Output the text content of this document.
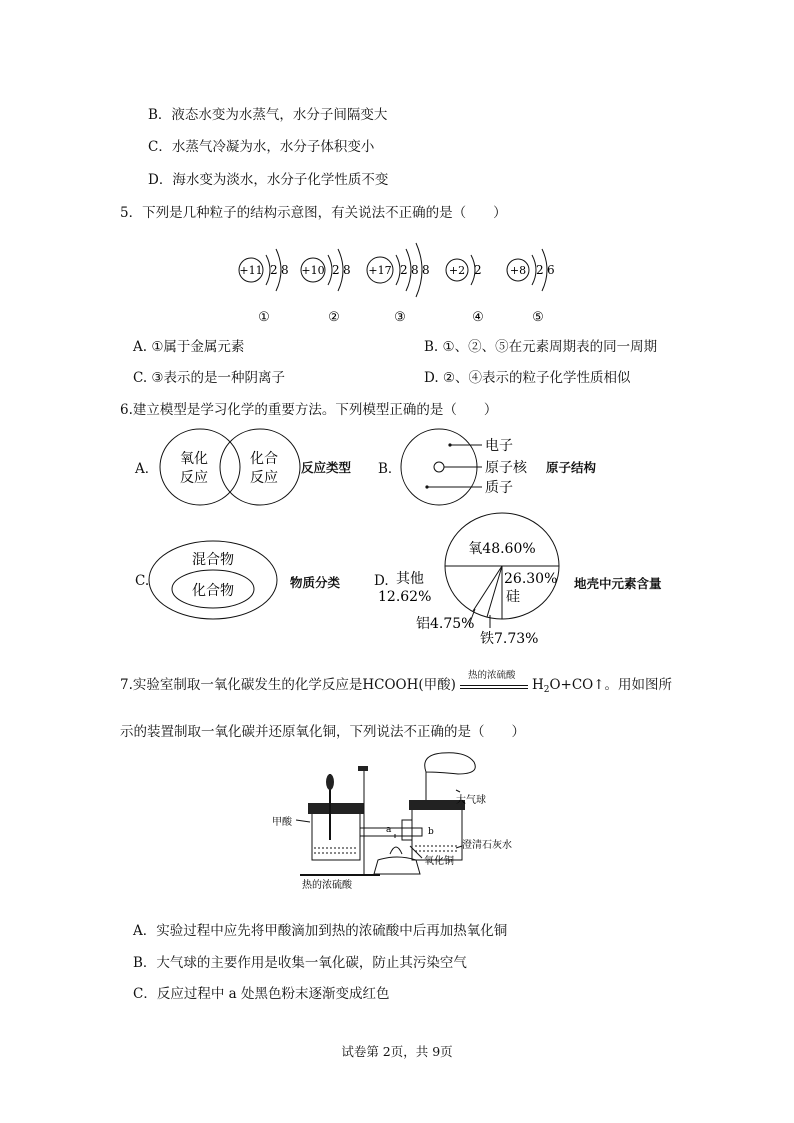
B．液态水变为水蒸气，水分子间隔变大
C．水蒸气冷凝为水，水分子体积变小
D．海水变为淡水，水分子化学性质不变
5．下列是几种粒子的结构示意图，有关说法不正确的是（　　）
+11 2 8
①
+10 2 8
②
+17 2 8 8
③
+2 2
④
+8 2 6
⑤
A. ①属于金属元素	B. ①、②、⑤在元素周期表的同一周期
C. ③表示的是一种阴离子	D. ②、④表示的粒子化学性质相似
6.建立模型是学习化学的重要方法。下列模型正确的是（　　）
A．
氧化
反应
化合
反应
反应类型 B．
电子
原子核
质子
原子结构
C.
混合物
化合物
物质分类	D.
氧48.60%
其他
12.62%
26.30%
硅
铝4.75%
铁7.73%
地壳中元素含量
7.实验室制取一氧化碳发生的化学反应是HCOOH(甲酸)
热的浓硫酸
$H_2O+CO↑$。用如图所
示的装置制取一氧化碳并还原氧化铜，下列说法不正确的是（　　）
甲酸
热的浓硫酸
a	b
大气球
澄清石灰水
氧化铜
A．实验过程中应先将甲酸滴加到热的浓硫酸中后再加热氧化铜
B．大气球的主要作用是收集一氧化碳，防止其污染空气
C．反应过程中 a 处黑色粉末逐渐变成红色
试卷第 2页，共 9页
